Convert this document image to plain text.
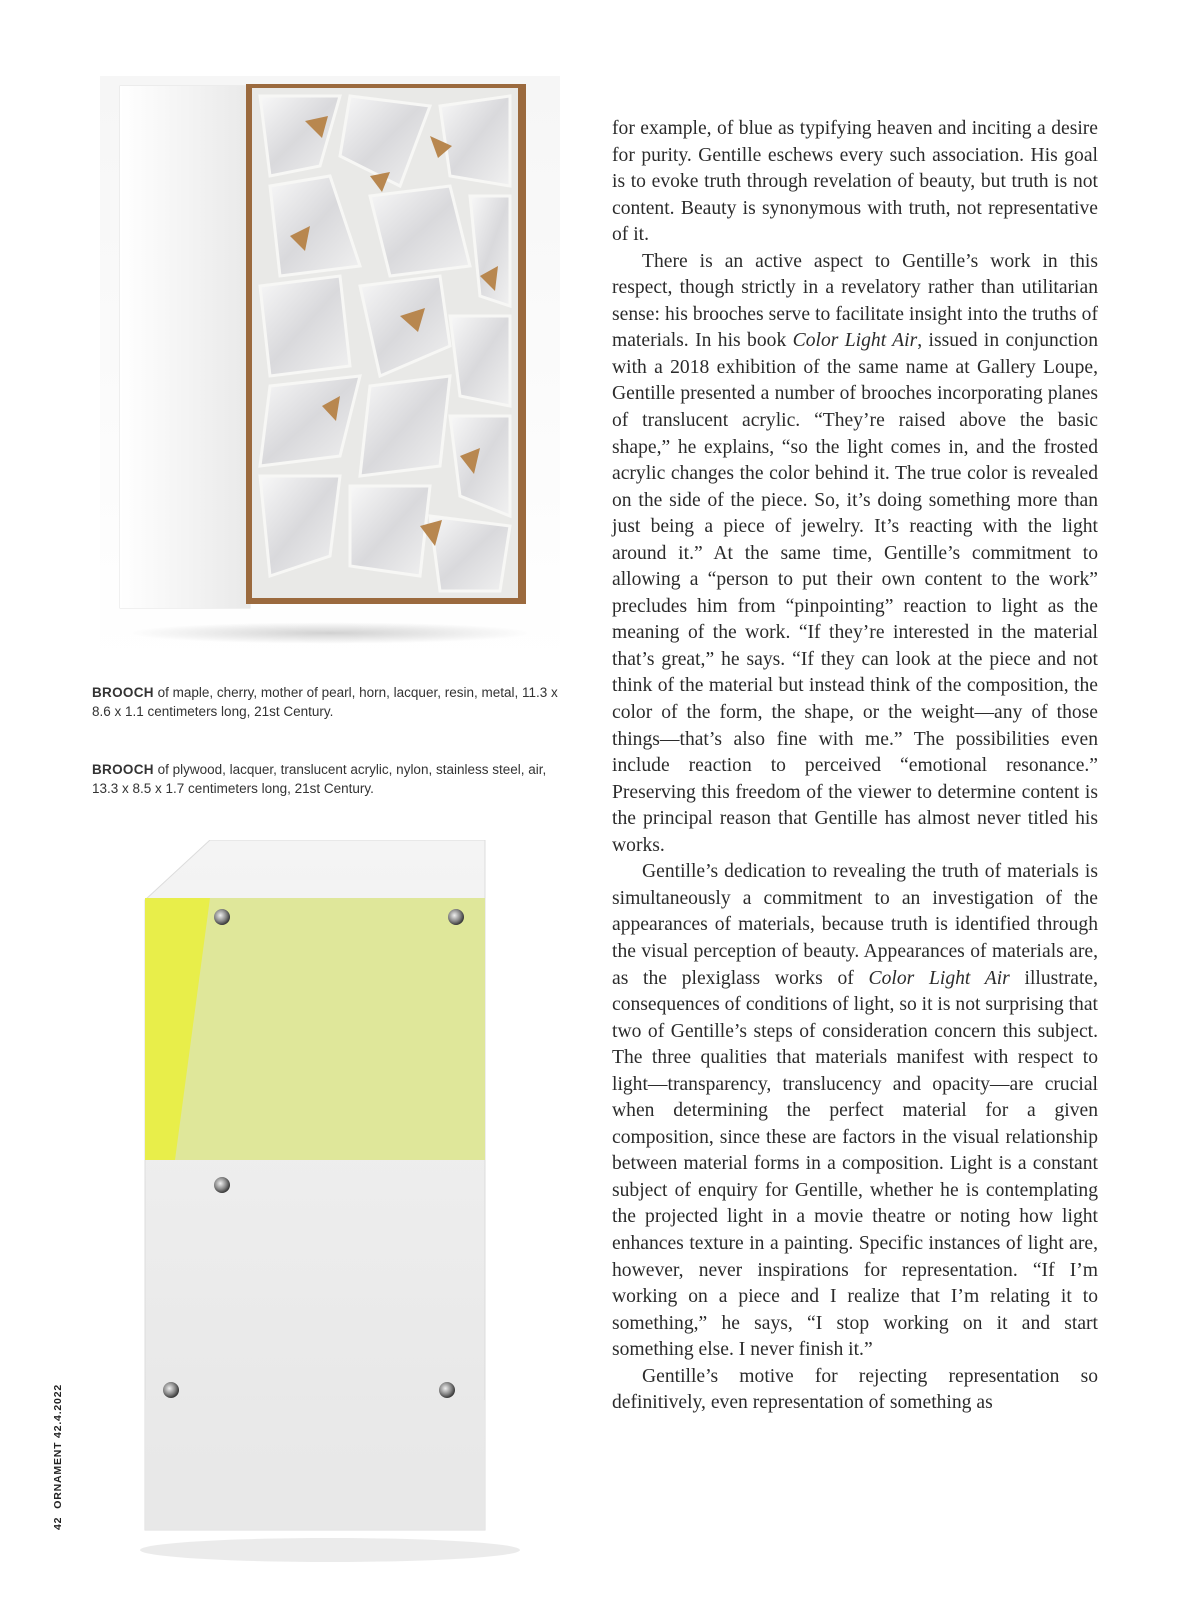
BROOCH of maple, cherry, mother of pearl, horn, lacquer, resin, metal, 11.3 x 8.6 x 1.1 centimeters long, 21st Century.
BROOCH of plywood, lacquer, translucent acrylic, nylon, stainless steel, air, 13.3 x 8.5 x 1.7 centimeters long, 21st Century.
42ORNAMENT 42.4.2022

for example, of blue as typifying heaven and inciting a desire for purity. Gentille eschews every such association. His goal is to evoke truth through revelation of beauty, but truth is not content. Beauty is synonymous with truth, not representative of it.

There is an active aspect to Gentille’s work in this respect, though strictly in a revelatory rather than utilitarian sense: his brooches serve to facilitate insight into the truths of materials. In his book Color Light Air, issued in conjunction with a 2018 exhibition of the same name at Gallery Loupe, Gentille presented a number of brooches incorporating planes of translucent acrylic. “They’re raised above the basic shape,” he explains, “so the light comes in, and the frosted acrylic changes the color behind it. The true color is revealed on the side of the piece. So, it’s doing something more than just being a piece of jewelry. It’s reacting with the light around it.” At the same time, Gentille’s commitment to allowing a “person to put their own content to the work” precludes him from “pinpointing” reaction to light as the meaning of the work. “If they’re interested in the material that’s great,” he says. “If they can look at the piece and not think of the material but instead think of the composition, the color of the form, the shape, or the weight—any of those things—that’s also fine with me.” The possibilities even include reaction to perceived “emotional resonance.” Preserving this freedom of the viewer to determine content is the principal reason that Gentille has almost never titled his works.

Gentille’s dedication to revealing the truth of materials is simultaneously a commitment to an investigation of the appearances of materials, because truth is identified through the visual perception of beauty. Appearances of materials are, as the plexiglass works of Color Light Air illustrate, consequences of conditions of light, so it is not surprising that two of Gentille’s steps of consideration concern this subject. The three qualities that materials manifest with respect to light—transparency, translucency and opacity—are crucial when determining the perfect material for a given composition, since these are factors in the visual relationship between material forms in a composition. Light is a constant subject of enquiry for Gentille, whether he is contemplating the projected light in a movie theatre or noting how light enhances texture in a painting. Specific instances of light are, however, never inspirations for representation. “If I’m working on a piece and I realize that I’m relating it to something,” he says, “I stop working on it and start something else. I never finish it.”

Gentille’s motive for rejecting representation so definitively, even representation of something as
